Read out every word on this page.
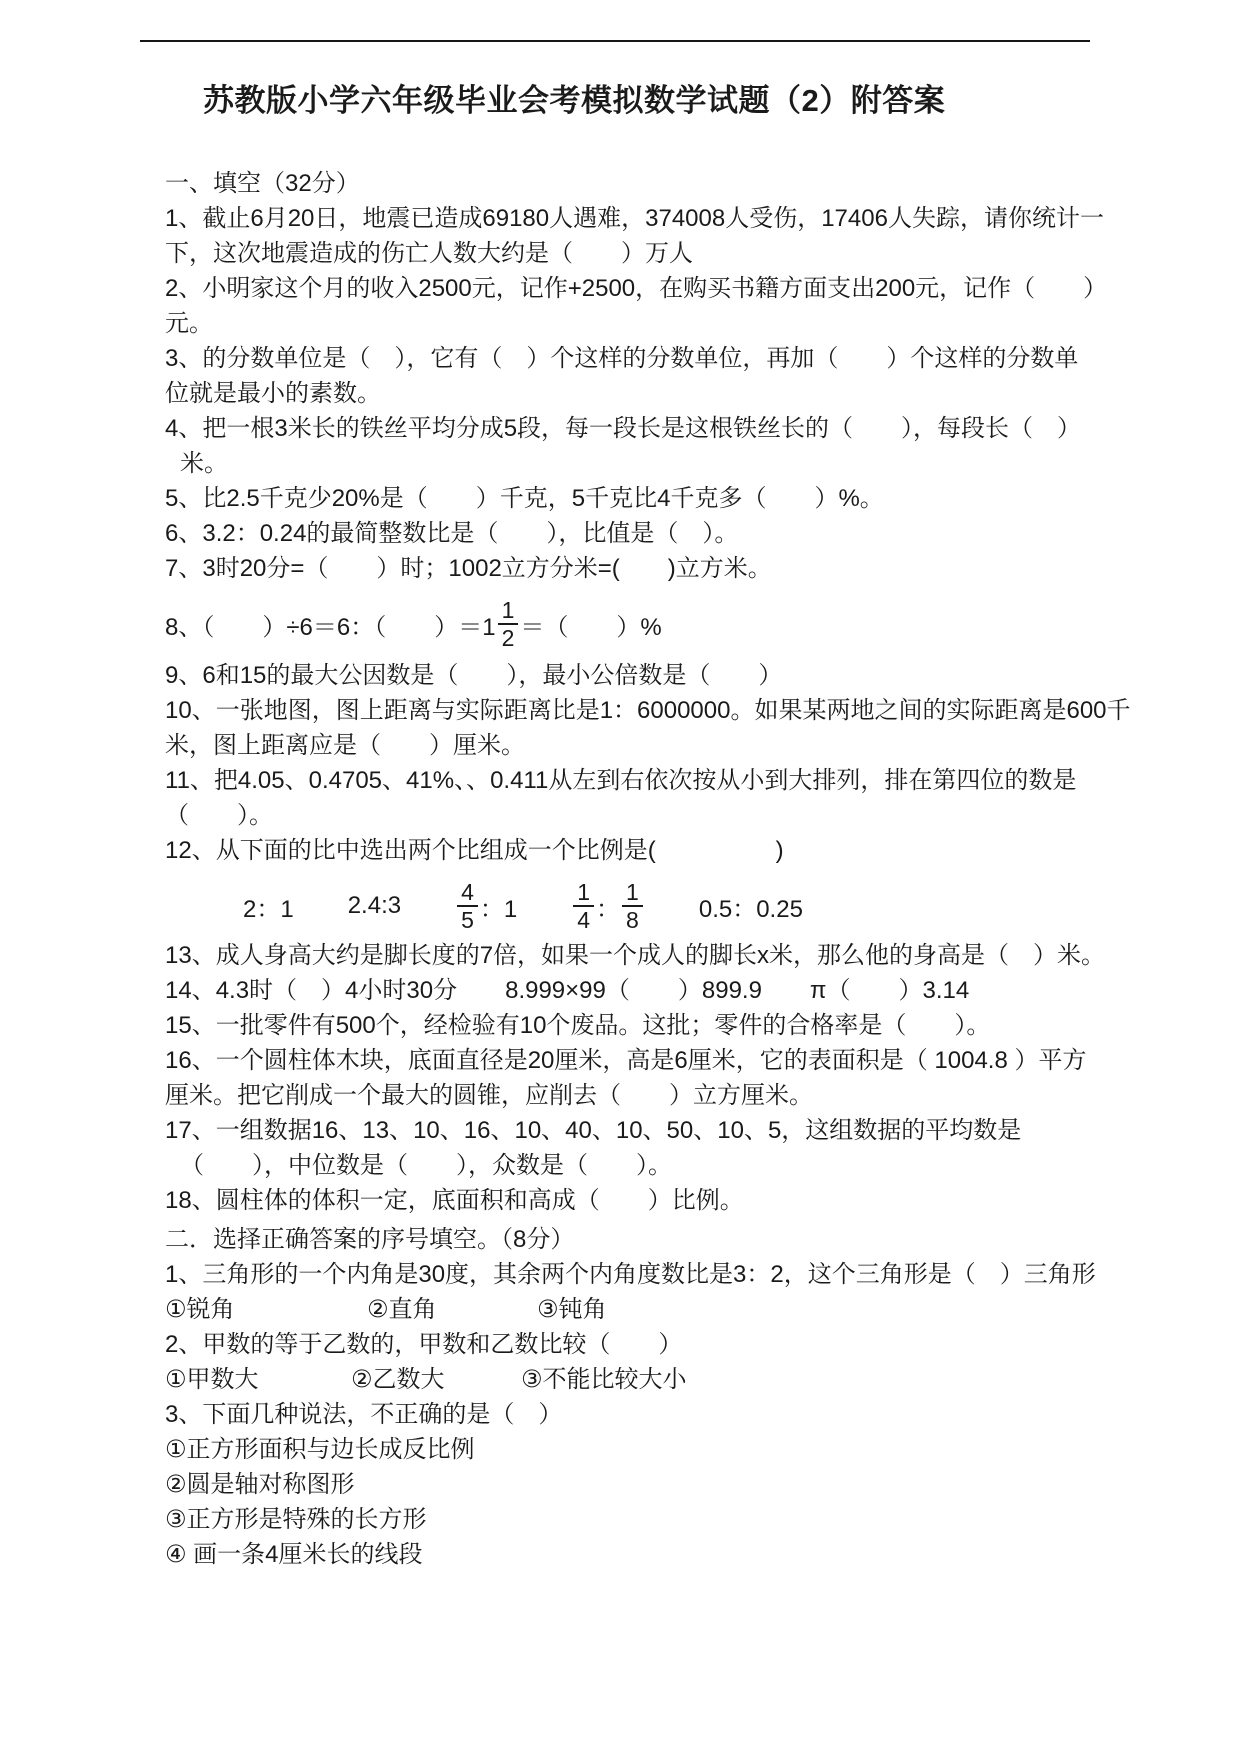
苏教版小学六年级毕业会考模拟数学试题（2）附答案

一、填空（32分）

1、截止6月20日，地震已造成69180人遇难，374008人受伤，17406人失踪，请你统计一

下，这次地震造成的伤亡人数大约是（　　）万人

2、小明家这个月的收入2500元，记作+2500，在购买书籍方面支出200元，记作（　　）

元。

3、的分数单位是（　），它有（　）个这样的分数单位，再加（　　）个这样的分数单

位就是最小的素数。

4、把一根3米长的铁丝平均分成5段，每一段长是这根铁丝长的（　　），每段长（　）

米。

5、比2.5千克少20%是（　　）千克，5千克比4千克多（　　）%。

6、3.2：0.24的最简整数比是（　　），比值是（　）。

7、3时20分=（　　）时；1002立方分米=(　　)立方米。

8、（　　）÷6＝6：（　　）$=1 \frac{1}{2}$ ＝（　　）%

9、6和15的最大公因数是（　　），最小公倍数是（　　）

10、一张地图，图上距离与实际距离比是1：6000000。如果某两地之间的实际距离是600千

米，图上距离应是（　　）厘米。

11、把4.05、0.4705、41%、、0.411从左到右依次按从小到大排列，排在第四位的数是

（　　）。

12、从下面的比中选出两个比组成一个比例是(　　　　　)

2：1 2.4:3 $\frac{4}{5}$ ：$1 \frac{1}{4}$ ： $\frac{1}{8} 0.5$：0.25

13、成人身高大约是脚长度的7倍，如果一个成人的脚长x米，那么他的身高是（　）米。

14、4.3时（　）4小时30分　　8.999×99（　　）899.9　　π（　　）3.14

15、一批零件有500个，经检验有10个废品。这批；零件的合格率是（　　）。

16、一个圆柱体木块，底面直径是20厘米，高是6厘米，它的表面积是（ 1004.8 ）平方

厘米。把它削成一个最大的圆锥，应削去（　　）立方厘米。

17、一组数据16、13、10、16、10、40、10、50、10、5，这组数据的平均数是

（　　），中位数是（　　），众数是（　　）。

18、圆柱体的体积一定，底面积和高成（　　）比例。

二．选择正确答案的序号填空。（8分）

1、三角形的一个内角是30度，其余两个内角度数比是3：2，这个三角形是（　）三角形

①锐角	②直角	③钝角

2、甲数的等于乙数的，甲数和乙数比较（　　）

①甲数大	②乙数大	③不能比较大小

3、下面几种说法，不正确的是（　）

①正方形面积与边长成反比例

②圆是轴对称图形

③正方形是特殊的长方形

④ 画一条4厘米长的线段
